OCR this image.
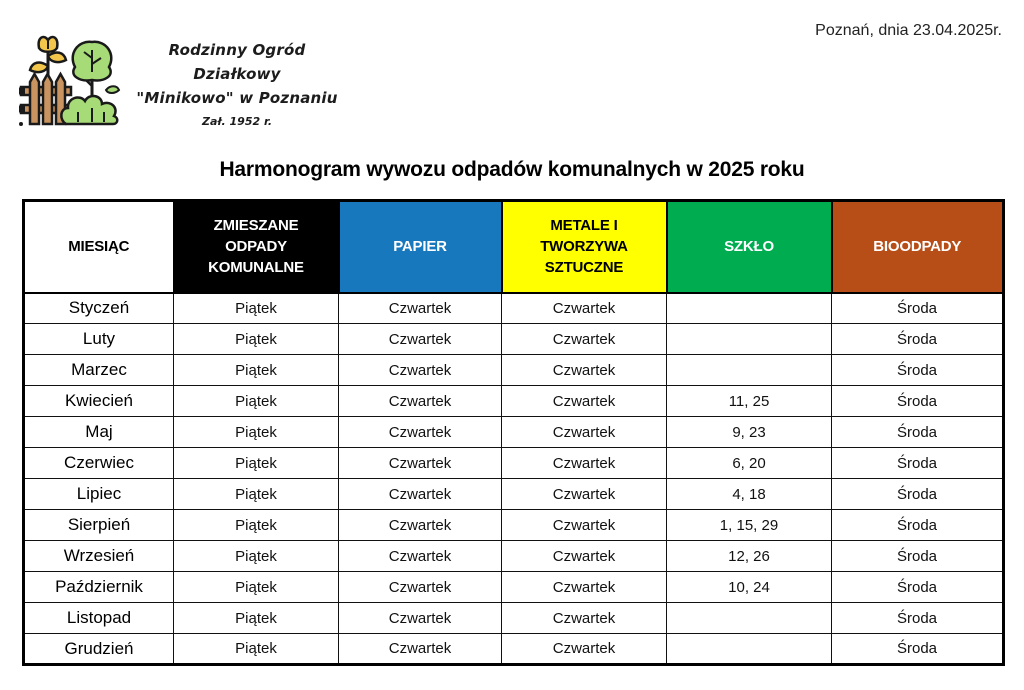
Poznań, dnia 23.04.2025r.
Rodzinny Ogród Działkowy
"Minikowo" w Poznaniu
Zał. 1952 r.
Harmonogram wywozu odpadów komunalnych w 2025 roku
MIESIĄC	ZMIESZANE ODPADY KOMUNALNE	PAPIER	METALE I TWORZYWA SZTUCZNE	SZKŁO	BIOODPADY
Styczeń	Piątek	Czwartek	Czwartek		Środa
Luty	Piątek	Czwartek	Czwartek		Środa
Marzec	Piątek	Czwartek	Czwartek		Środa
Kwiecień	Piątek	Czwartek	Czwartek	11, 25	Środa
Maj	Piątek	Czwartek	Czwartek	9, 23	Środa
Czerwiec	Piątek	Czwartek	Czwartek	6, 20	Środa
Lipiec	Piątek	Czwartek	Czwartek	4, 18	Środa
Sierpień	Piątek	Czwartek	Czwartek	1, 15, 29	Środa
Wrzesień	Piątek	Czwartek	Czwartek	12, 26	Środa
Październik	Piątek	Czwartek	Czwartek	10, 24	Środa
Listopad	Piątek	Czwartek	Czwartek		Środa
Grudzień	Piątek	Czwartek	Czwartek		Środa
